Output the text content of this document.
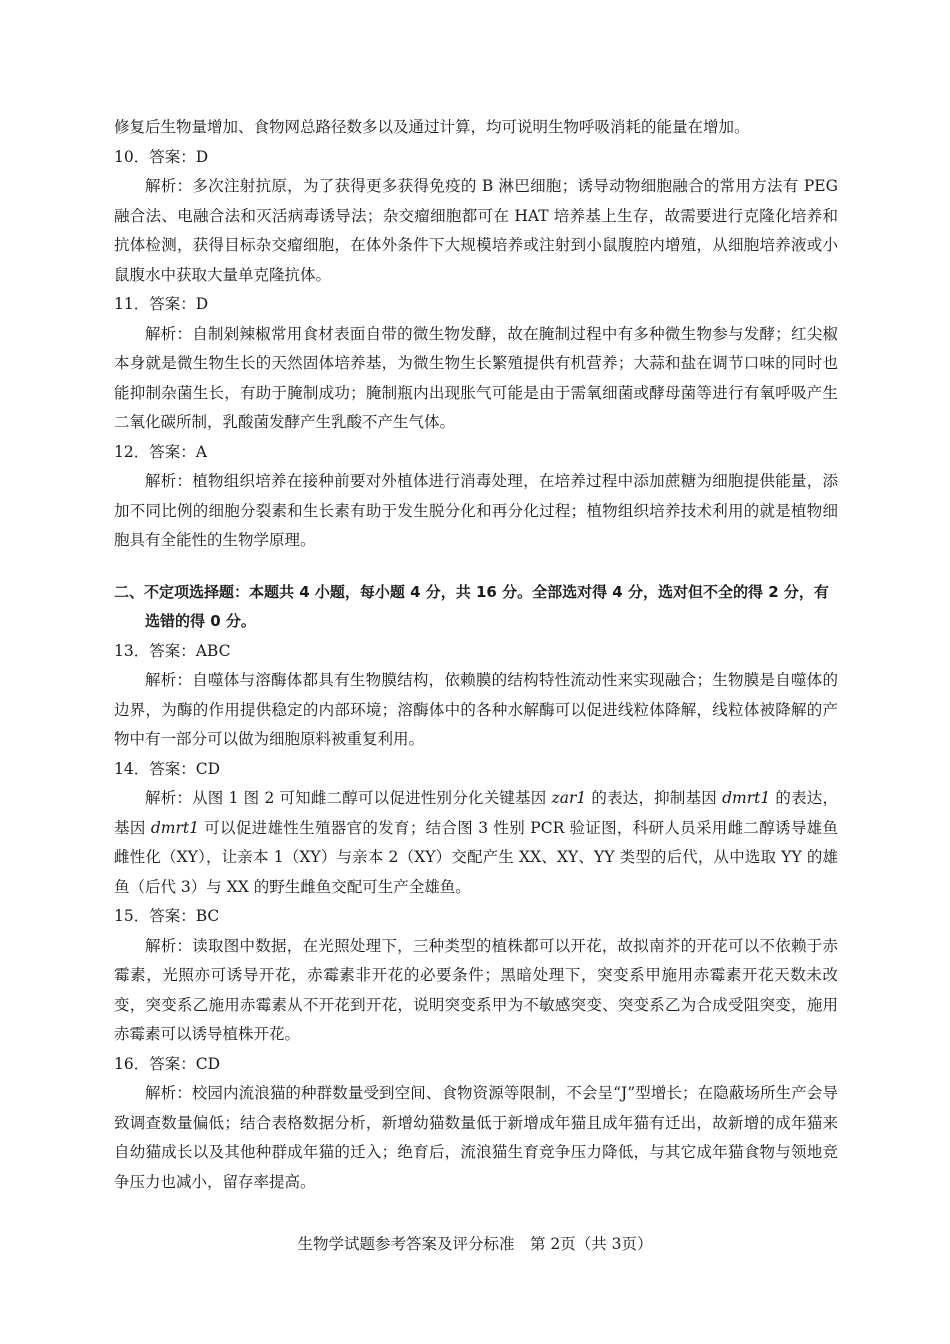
修复后生物量增加、食物网总路径数多以及通过计算，均可说明生物呼吸消耗的能量在增加。

10．答案：D

解析：多次注射抗原，为了获得更多获得免疫的 B 淋巴细胞；诱导动物细胞融合的常用方法有 PEG 融合法、电融合法和灭活病毒诱导法；杂交瘤细胞都可在 HAT 培养基上生存，故需要进行克隆化培养和抗体检测，获得目标杂交瘤细胞，在体外条件下大规模培养或注射到小鼠腹腔内增殖，从细胞培养液或小鼠腹水中获取大量单克隆抗体。

11．答案：D

解析：自制剁辣椒常用食材表面自带的微生物发酵，故在腌制过程中有多种微生物参与发酵；红尖椒本身就是微生物生长的天然固体培养基，为微生物生长繁殖提供有机营养；大蒜和盐在调节口味的同时也能抑制杂菌生长，有助于腌制成功；腌制瓶内出现胀气可能是由于需氧细菌或酵母菌等进行有氧呼吸产生二氧化碳所制，乳酸菌发酵产生乳酸不产生气体。

12．答案：A

解析：植物组织培养在接种前要对外植体进行消毒处理，在培养过程中添加蔗糖为细胞提供能量，添加不同比例的细胞分裂素和生长素有助于发生脱分化和再分化过程；植物组织培养技术利用的就是植物细胞具有全能性的生物学原理。

二、不定项选择题：本题共 4 小题，每小题 4 分，共 16 分。全部选对得 4 分，选对但不全的得 2 分，有选错的得 0 分。

13．答案：ABC

解析：自噬体与溶酶体都具有生物膜结构，依赖膜的结构特性流动性来实现融合；生物膜是自噬体的边界，为酶的作用提供稳定的内部环境；溶酶体中的各种水解酶可以促进线粒体降解，线粒体被降解的产物中有一部分可以做为细胞原料被重复利用。

14．答案：CD

解析：从图 1 图 2 可知雌二醇可以促进性别分化关键基因 zar1 的表达，抑制基因 dmrt1 的表达，基因 dmrt1 可以促进雄性生殖器官的发育；结合图 3 性别 PCR 验证图，科研人员采用雌二醇诱导雄鱼雌性化（XY），让亲本 1（XY）与亲本 2（XY）交配产生 XX、XY、YY 类型的后代，从中选取 YY 的雄鱼（后代 3）与 XX 的野生雌鱼交配可生产全雄鱼。

15．答案：BC

解析：读取图中数据，在光照处理下，三种类型的植株都可以开花，故拟南芥的开花可以不依赖于赤霉素，光照亦可诱导开花，赤霉素非开花的必要条件；黑暗处理下，突变系甲施用赤霉素开花天数未改变，突变系乙施用赤霉素从不开花到开花，说明突变系甲为不敏感突变、突变系乙为合成受阻突变，施用赤霉素可以诱导植株开花。

16．答案：CD

解析：校园内流浪猫的种群数量受到空间、食物资源等限制，不会呈“J”型增长；在隐蔽场所生产会导致调查数量偏低；结合表格数据分析，新增幼猫数量低于新增成年猫且成年猫有迁出，故新增的成年猫来自幼猫成长以及其他种群成年猫的迁入；绝育后，流浪猫生育竞争压力降低，与其它成年猫食物与领地竞争压力也减小，留存率提高。

生物学试题参考答案及评分标准　第 2页（共 3页）
